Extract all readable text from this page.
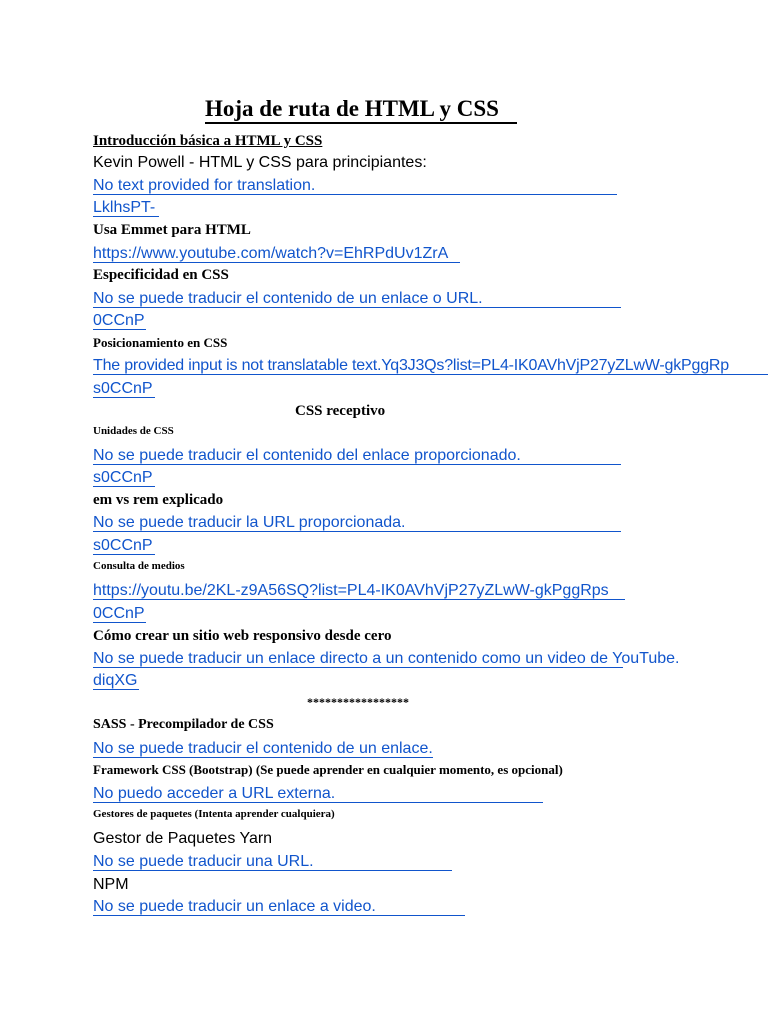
Hoja de ruta de HTML y CSS
Introducción básica a HTML y CSS
Kevin Powell - HTML y CSS para principiantes:
No text provided for translation.
LklhsPT-
Usa Emmet para HTML
https://www.youtube.com/watch?v=EhRPdUv1ZrA
Especificidad en CSS
No se puede traducir el contenido de un enlace o URL.
0CCnP
Posicionamiento en CSS
The provided input is not translatable text.Yq3J3Qs?list=PL4-IK0AVhVjP27yZLwW-gkPggRp
s0CCnP
CSS receptivo
Unidades de CSS
No se puede traducir el contenido del enlace proporcionado.
s0CCnP
em vs rem explicado
No se puede traducir la URL proporcionada.
s0CCnP
Consulta de medios
https://youtu.be/2KL-z9A56SQ?list=PL4-IK0AVhVjP27yZLwW-gkPggRps
0CCnP
Cómo crear un sitio web responsivo desde cero
No se puede traducir un enlace directo a un contenido como un video de YouTube.
diqXG
*****************
SASS - Precompilador de CSS
No se puede traducir el contenido de un enlace.
Framework CSS (Bootstrap) (Se puede aprender en cualquier momento, es opcional)
No puedo acceder a URL externa.
Gestores de paquetes (Intenta aprender cualquiera)
Gestor de Paquetes Yarn
No se puede traducir una URL.
NPM
No se puede traducir un enlace a video.
